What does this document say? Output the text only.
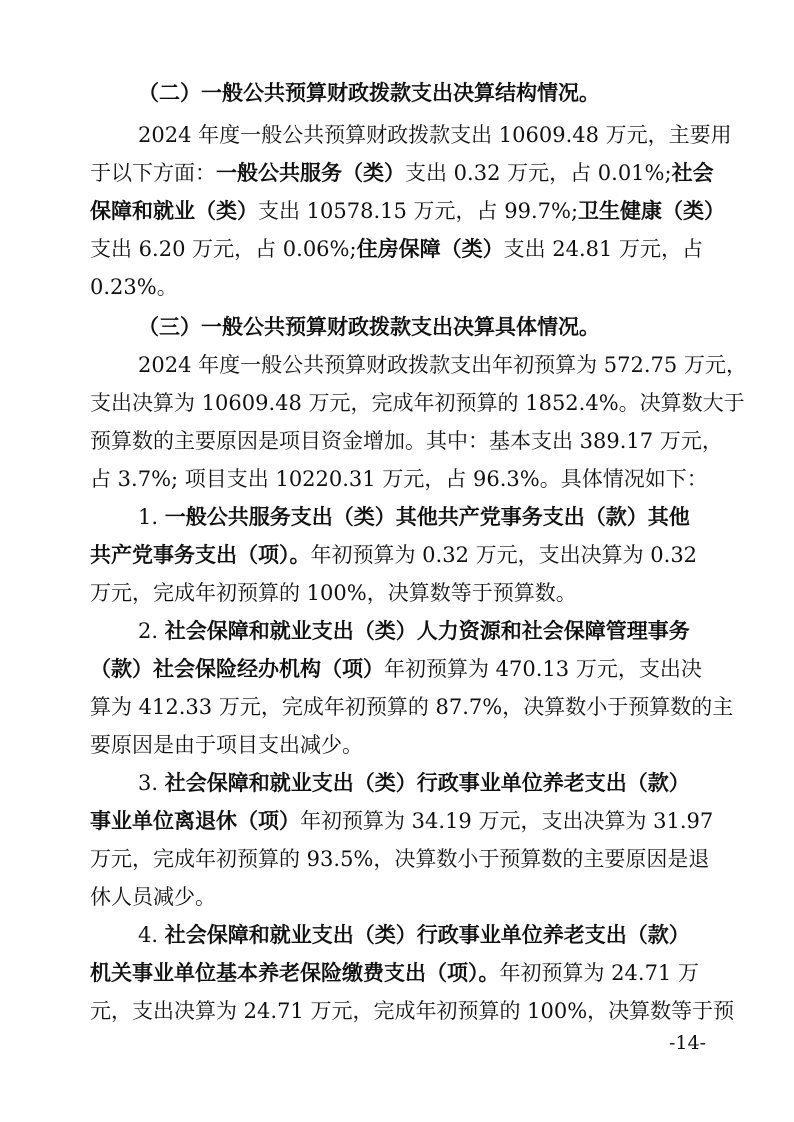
（二）一般公共预算财政拨款支出决算结构情况。
2024 年度一般公共预算财政拨款支出 10609.48 万元，主要用
于以下方面：一般公共服务（类）支出 0.32 万元，占 0.01%;社会
保障和就业（类）支出 10578.15 万元，占 99.7%;卫生健康（类）
支出 6.20 万元，占 0.06%;住房保障（类）支出 24.81 万元，占
0.23%。
（三）一般公共预算财政拨款支出决算具体情况。
2024 年度一般公共预算财政拨款支出年初预算为 572.75 万元，
支出决算为 10609.48 万元，完成年初预算的 1852.4%。决算数大于
预算数的主要原因是项目资金增加。其中：基本支出 389.17 万元，
占 3.7%; 项目支出 10220.31 万元，占 96.3%。具体情况如下：
1. 一般公共服务支出（类）其他共产党事务支出（款）其他
共产党事务支出（项）。年初预算为 0.32 万元，支出决算为 0.32
万元，完成年初预算的 100%，决算数等于预算数。
2. 社会保障和就业支出（类）人力资源和社会保障管理事务
（款）社会保险经办机构（项）年初预算为 470.13 万元，支出决
算为 412.33 万元，完成年初预算的 87.7%，决算数小于预算数的主
要原因是由于项目支出减少。
3. 社会保障和就业支出（类）行政事业单位养老支出（款）
事业单位离退休（项）年初预算为 34.19 万元，支出决算为 31.97
万元，完成年初预算的 93.5%，决算数小于预算数的主要原因是退
休人员减少。
4. 社会保障和就业支出（类）行政事业单位养老支出（款）
机关事业单位基本养老保险缴费支出（项）。年初预算为 24.71 万
元，支出决算为 24.71 万元，完成年初预算的 100%，决算数等于预
-14-
